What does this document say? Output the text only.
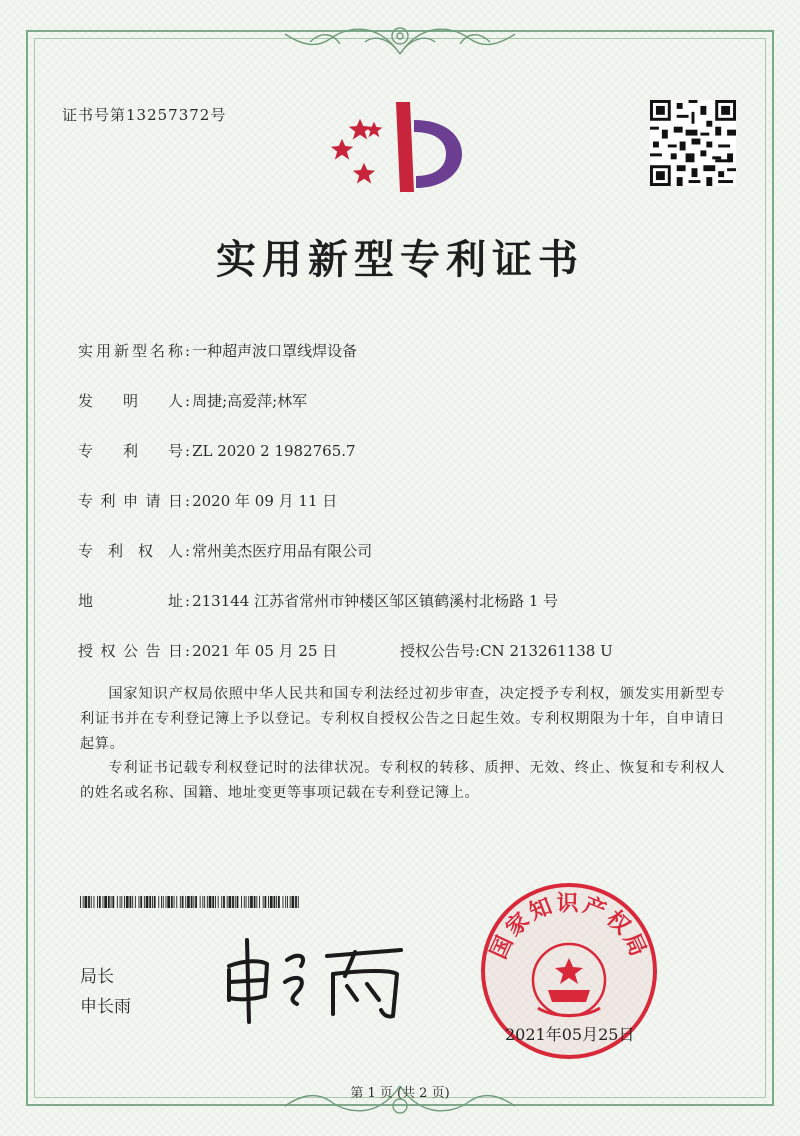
证书号第13257372号
实用新型专利证书
实用新型名称 : 一种超声波口罩线焊设备
发明人 : 周捷;高爱萍;林军
专利号 : ZL 2020 2 1982765.7
专利申请日 : 2020 年 09 月 11 日
专利权人 : 常州美杰医疗用品有限公司
地址 : 213144 江苏省常州市钟楼区邹区镇鹤溪村北杨路 1 号
授权公告日 : 2021 年 05 月 25 日	授权公告号:CN 213261138 U
国家知识产权局依照中华人民共和国专利法经过初步审查，决定授予专利权，颁发实用新型专利证书并在专利登记簿上予以登记。专利权自授权公告之日起生效。专利权期限为十年，自申请日起算。
专利证书记载专利权登记时的法律状况。专利权的转移、质押、无效、终止、恢复和专利权人的姓名或名称、国籍、地址变更等事项记载在专利登记簿上。
局长
申长雨
国家知识产权局
2021年05月25日
第 1 页 (共 2 页)
